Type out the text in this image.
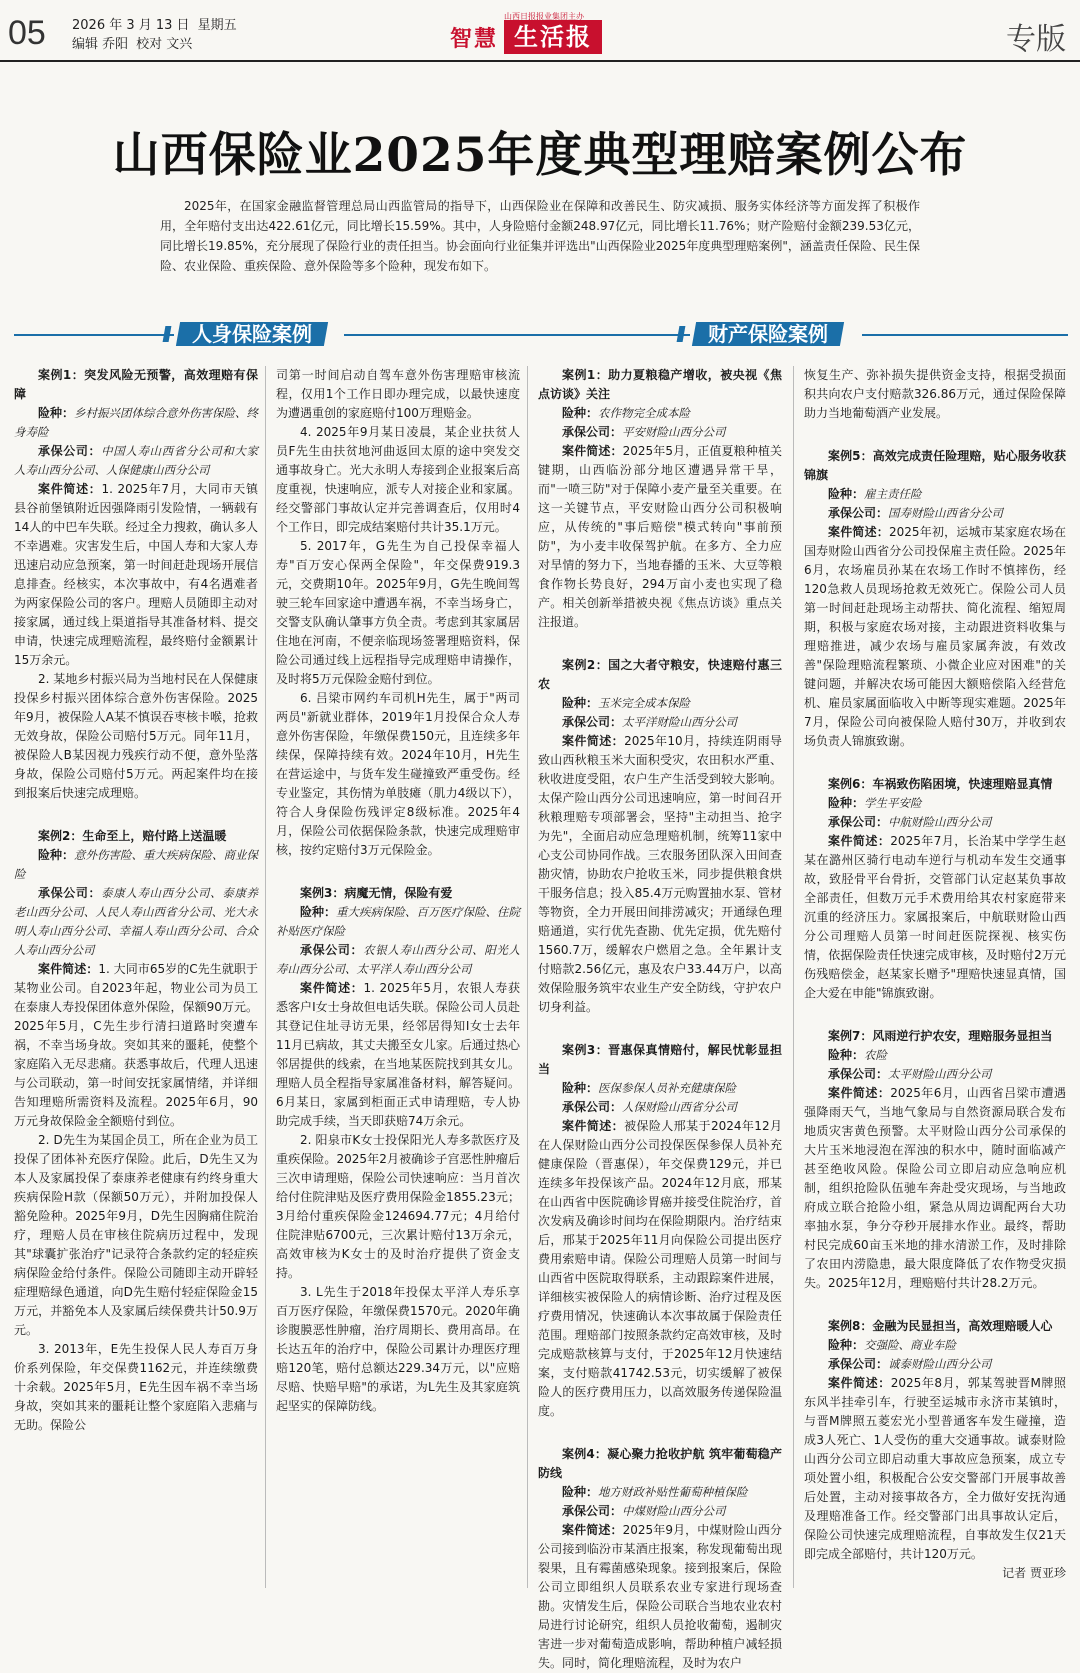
05 2026 年 3 月 13 日 星期五
编辑 乔阳 校对 文兴
山西日报报业集团主办
智慧 生活报	专版
山西保险业2025年度典型理赔案例公布

2025年，在国家金融监督管理总局山西监管局的指导下，山西保险业在保障和改善民生、防灾减损、服务实体经济等方面发挥了积极作用，全年赔付支出达422.61亿元，同比增长15.59%。其中，人身险赔付金额248.97亿元，同比增长11.76%；财产险赔付金额239.53亿元，同比增长19.85%，充分展现了保险行业的责任担当。协会面向行业征集并评选出"山西保险业2025年度典型理赔案例"，涵盖责任保险、民生保险、农业保险、重疾保险、意外保险等多个险种，现发布如下。

人身保险案例	财产保险案例

案例1：突发风险无预警，高效理赔有保障

险种：乡村振兴团体综合意外伤害保险、终身寿险

承保公司：中国人寿山西省分公司和大家人寿山西分公司、人保健康山西分公司

案件简述：1. 2025年7月，大同市天镇县谷前堡镇附近因强降雨引发险情，一辆载有14人的中巴车失联。经过全力搜救，确认多人不幸遇难。灾害发生后，中国人寿和大家人寿迅速启动应急预案，第一时间赶赴现场开展信息排查。经核实，本次事故中，有4名遇难者为两家保险公司的客户。理赔人员随即主动对接家属，通过线上渠道指导其准备材料、提交申请，快速完成理赔流程，最终赔付金额累计15万余元。

2. 某地乡村振兴局为当地村民在人保健康投保乡村振兴团体综合意外伤害保险。2025年9月，被保险人A某不慎误吞枣核卡喉，抢救无效身故，保险公司赔付5万元。同年11月，被保险人B某因视力残疾行动不便，意外坠落身故，保险公司赔付5万元。两起案件均在接到报案后快速完成理赔。

案例2：生命至上，赔付路上送温暖

险种：意外伤害险、重大疾病保险、商业保险

承保公司：泰康人寿山西分公司、泰康养老山西分公司、人民人寿山西省分公司、光大永明人寿山西分公司、幸福人寿山西分公司、合众人寿山西分公司

案件简述：1. 大同市65岁的C先生就职于某物业公司。自2023年起，物业公司为员工在泰康人寿投保团体意外保险，保额90万元。2025年5月，C先生步行清扫道路时突遭车祸，不幸当场身故。突如其来的噩耗，使整个家庭陷入无尽悲痛。获悉事故后，代理人迅速与公司联动，第一时间安抚家属情绪，并详细告知理赔所需资料及流程。2025年6月，90万元身故保险金全额赔付到位。

2. D先生为某国企员工，所在企业为员工投保了团体补充医疗保险。此后，D先生又为本人及家属投保了泰康养老健康有约终身重大疾病保险H款（保额50万元），并附加投保人豁免险种。2025年9月，D先生因胸痛住院治疗，理赔人员在审核住院病历过程中，发现其"球囊扩张治疗"记录符合条款约定的轻症疾病保险金给付条件。保险公司随即主动开辟轻症理赔绿色通道，向D先生赔付轻症保险金15万元，并豁免本人及家属后续保费共计50.9万元。

3. 2013年，E先生投保人民人寿百万身价系列保险，年交保费1162元，并连续缴费十余载。2025年5月，E先生因车祸不幸当场身故，突如其来的噩耗让整个家庭陷入悲痛与无助。保险公

司第一时间启动自驾车意外伤害理赔审核流程，仅用1个工作日即办理完成，以最快速度为遭遇重创的家庭赔付100万理赔金。

4. 2025年9月某日凌晨，某企业扶贫人员F先生由扶贫地河曲返回太原的途中突发交通事故身亡。光大永明人寿接到企业报案后高度重视，快速响应，派专人对接企业和家属。经交警部门事故认定并完善调查后，仅用时4个工作日，即完成结案赔付共计35.1万元。

5. 2017年，G先生为自己投保幸福人寿"百万安心保两全保险"，年交保费919.3元，交费期10年。2025年9月，G先生晚间驾驶三轮车回家途中遭遇车祸，不幸当场身亡，交警支队确认肇事方负全责。考虑到其家属居住地在河南，不便亲临现场签署理赔资料，保险公司通过线上远程指导完成理赔申请操作，及时将5万元保险金赔付到位。

6. 吕梁市网约车司机H先生，属于"两司两员"新就业群体，2019年1月投保合众人寿意外伤害保险，年缴保费150元，且连续多年续保，保障持续有效。2024年10月，H先生在营运途中，与货车发生碰撞致严重受伤。经专业鉴定，其伤情为单肢瘫（肌力4级以下），符合人身保险伤残评定8级标准。2025年4月，保险公司依据保险条款，快速完成理赔审核，按约定赔付3万元保险金。

案例3：病魔无情，保险有爱

险种：重大疾病保险、百万医疗保险、住院补贴医疗保险

承保公司：农银人寿山西分公司、阳光人寿山西分公司、太平洋人寿山西分公司

案件简述：1. 2025年5月，农银人寿获悉客户I女士身故但电话失联。保险公司人员赴其登记住址寻访无果，经邻居得知I女士去年11月已病故，其丈夫搬至女儿家。后通过热心邻居提供的线索，在当地某医院找到其女儿。理赔人员全程指导家属准备材料，解答疑问。6月某日，家属到柜面正式申请理赔，专人协助完成手续，当天即获赔74万余元。

2. 阳泉市K女士投保阳光人寿多款医疗及重疾保险。2025年2月被确诊子宫恶性肿瘤后三次申请理赔，保险公司快速响应：当月首次给付住院津贴及医疗费用保险金1855.23元；3月给付重疾保险金124694.77元；4月给付住院津贴6700元，三次累计赔付13万余元，高效审核为K女士的及时治疗提供了资金支持。

3. L先生于2018年投保太平洋人寿乐享百万医疗保险，年缴保费1570元。2020年确诊腹膜恶性肿瘤，治疗周期长、费用高昂。在长达五年的治疗中，保险公司累计办理医疗理赔120笔，赔付总额达229.34万元，以"应赔尽赔、快赔早赔"的承诺，为L先生及其家庭筑起坚实的保障防线。

案例1：助力夏粮稳产增收，被央视《焦点访谈》关注

险种：农作物完全成本险

承保公司：平安财险山西分公司

案件简述：2025年5月，正值夏粮种植关键期，山西临汾部分地区遭遇异常干旱，而"一喷三防"对于保障小麦产量至关重要。在这一关键节点，平安财险山西分公司积极响应，从传统的"事后赔偿"模式转向"事前预防"，为小麦丰收保驾护航。在多方、全力应对旱情的努力下，当地春播的玉米、大豆等粮食作物长势良好，294万亩小麦也实现了稳产。相关创新举措被央视《焦点访谈》重点关注报道。

案例2：国之大者守粮安，快速赔付惠三农

险种：玉米完全成本保险

承保公司：太平洋财险山西分公司

案件简述：2025年10月，持续连阴雨导致山西秋粮玉米大面积受灾，农田积水严重、秋收进度受阻，农户生产生活受到较大影响。太保产险山西分公司迅速响应，第一时间召开秋粮理赔专项部署会，坚持"主动担当、抢字为先"，全面启动应急理赔机制，统筹11家中心支公司协同作战。三农服务团队深入田间查勘灾情，协助农户抢收玉米，同步提供粮食烘干服务信息；投入85.4万元购置抽水泵、管材等物资，全力开展田间排涝减灾；开通绿色理赔通道，实行优先查勘、优先定损，优先赔付1560.7万，缓解农户燃眉之急。全年累计支付赔款2.56亿元，惠及农户33.44万户，以高效保险服务筑牢农业生产安全防线，守护农户切身利益。

案例3：晋惠保真情赔付，解民忧彰显担当

险种：医保参保人员补充健康保险

承保公司：人保财险山西省分公司

案件简述：被保险人邢某于2024年12月在人保财险山西分公司投保医保参保人员补充健康保险（晋惠保），年交保费129元，并已连续多年投保该产品。2024年12月底，邢某在山西省中医院确诊胃癌并接受住院治疗，首次发病及确诊时间均在保险期限内。治疗结束后，邢某于2025年11月向保险公司提出医疗费用索赔申请。保险公司理赔人员第一时间与山西省中医院取得联系，主动跟踪案件进展，详细核实被保险人的病情诊断、治疗过程及医疗费用情况，快速确认本次事故属于保险责任范围。理赔部门按照条款约定高效审核，及时完成赔款核算与支付，于2025年12月快速结案，支付赔款41742.53元，切实缓解了被保险人的医疗费用压力，以高效服务传递保险温度。

案例4：凝心聚力抢收护航 筑牢葡萄稳产防线

险种：地方财政补贴性葡萄种植保险

承保公司：中煤财险山西分公司

案件简述：2025年9月，中煤财险山西分公司接到临汾市某酒庄报案，称发现葡萄出现裂果，且有霉菌感染现象。接到报案后，保险公司立即组织人员联系农业专家进行现场查勘。灾情发生后，保险公司联合当地农业农村局进行讨论研究，组织人员抢收葡萄，遏制灾害进一步对葡萄造成影响，帮助种植户减轻损失。同时，简化理赔流程，及时为农户

恢复生产、弥补损失提供资金支持，根据受损面积共向农户支付赔款326.86万元，通过保险保障助力当地葡萄酒产业发展。

案例5：高效完成责任险理赔，贴心服务收获锦旗

险种：雇主责任险

承保公司：国寿财险山西省分公司

案件简述：2025年初，运城市某家庭农场在国寿财险山西省分公司投保雇主责任险。2025年6月，农场雇员孙某在农场工作时不慎摔伤，经120急救人员现场抢救无效死亡。保险公司人员第一时间赶赴现场主动帮扶、简化流程、缩短周期，积极与家庭农场对接，主动跟进资料收集与理赔推进，减少农场与雇员家属奔波，有效改善"保险理赔流程繁琐、小微企业应对困难"的关键问题，并解决农场可能因大额赔偿陷入经营危机、雇员家属面临收入中断等现实难题。2025年7月，保险公司向被保险人赔付30万，并收到农场负责人锦旗致谢。

案例6：车祸致伤陷困境，快速理赔显真情

险种：学生平安险

承保公司：中航财险山西分公司

案件简述：2025年7月，长治某中学学生赵某在潞州区骑行电动车逆行与机动车发生交通事故，致胫骨平台骨折，交管部门认定赵某负事故全部责任，但数万元手术费用给其农村家庭带来沉重的经济压力。家属报案后，中航联财险山西分公司理赔人员第一时间赶医院探视、核实伤情，依据保险责任快速完成审核，及时赔付2万元伤残赔偿金，赵某家长赠予"理赔快速显真情，国企大爱在申能"锦旗致谢。

案例7：风雨逆行护农安，理赔服务显担当

险种：农险

承保公司：太平财险山西分公司

案件简述：2025年6月，山西省吕梁市遭遇强降雨天气，当地气象局与自然资源局联合发布地质灾害黄色预警。太平财险山西分公司承保的大片玉米地浸泡在浑浊的积水中，随时面临减产甚至绝收风险。保险公司立即启动应急响应机制，组织抢险队伍驰车奔赴受灾现场，与当地政府成立联合抢险小组，紧急从周边调配两台大功率抽水泵，争分夺秒开展排水作业。最终，帮助村民完成60亩玉米地的排水清淤工作，及时排除了农田内涝隐患，最大限度降低了农作物受灾损失。2025年12月，理赔赔付共计28.2万元。

案例8：金融为民显担当，高效理赔暖人心

险种：交强险、商业车险

承保公司：诚泰财险山西分公司

案件简述：2025年8月，郭某驾驶晋M牌照东风半挂牵引车，行驶至运城市永济市某镇时，与晋M牌照五菱宏光小型普通客车发生碰撞，造成3人死亡、1人受伤的重大交通事故。诚泰财险山西分公司立即启动重大事故应急预案，成立专项处置小组，积极配合公安交警部门开展事故善后处置，主动对接事故各方，全力做好安抚沟通及理赔准备工作。经交警部门出具事故认定后，保险公司快速完成理赔流程，自事故发生仅21天即完成全部赔付，共计120万元。

记者 贾亚珍
